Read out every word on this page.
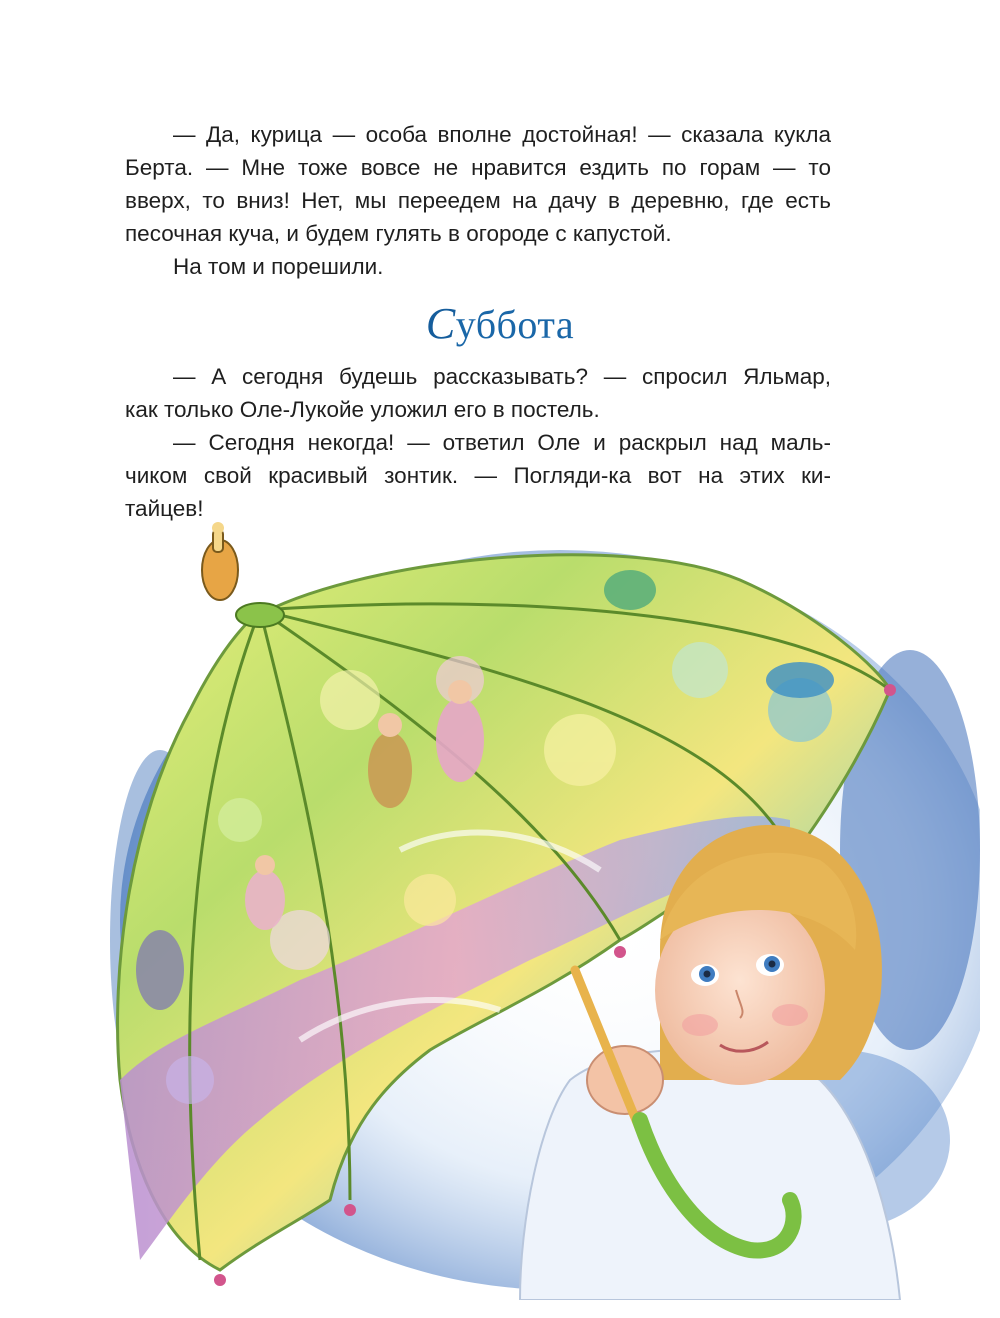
— Да, курица — особа вполне достойная! — сказала кукла
Берта. — Мне тоже вовсе не нравится ездить по горам — то
вверх, то вниз! Нет, мы переедем на дачу в деревню, где есть
песочная куча, и будем гулять в огороде с капустой.

На том и порешили.

Суббота

— А сегодня будешь рассказывать? — спросил Яльмар,
как только Оле-Лукойе уложил его в постель.

— Сегодня некогда! — ответил Оле и раскрыл над маль-
чиком свой красивый зонтик. — Погляди-ка вот на этих ки-
тайцев!
